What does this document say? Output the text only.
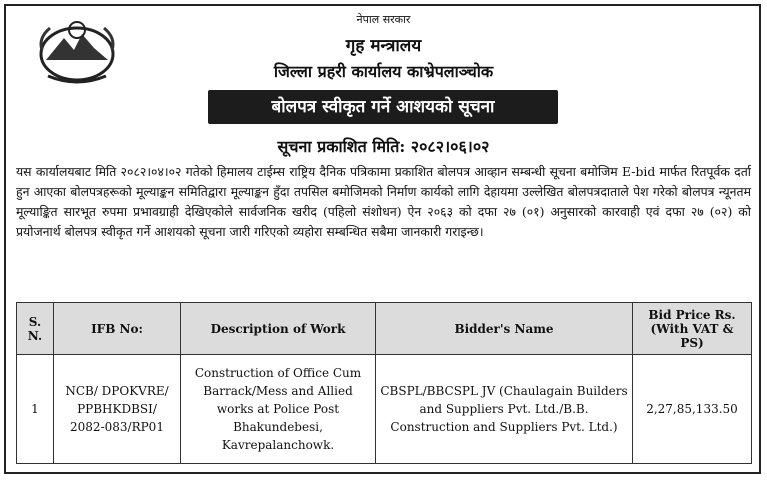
नेपाल सरकार
गृह मन्त्रालय
जिल्ला प्रहरी कार्यालय काभ्रेपलाञ्चोक
बोलपत्र स्वीकृत गर्ने आशयको सूचना
सूचना प्रकाशित मिति: २०८२।०६।०२
यस कार्यालयबाट मिति २०८२।०४।०२ गतेको हिमालय टाईम्स राष्ट्रिय दैनिक पत्रिकामा प्रकाशित बोलपत्र आव्हान सम्बन्धी सूचना बमोजिम E-bid मार्फत रितपूर्वक दर्ता हुन आएका बोलपत्रहरूको मूल्याङ्कन समितिद्वारा मूल्याङ्कन हुँदा तपसिल बमोजिमको निर्माण कार्यको लागि देहायमा उल्लेखित बोलपत्रदाताले पेश गरेको बोलपत्र न्यूनतम मूल्याङ्कित सारभूत रुपमा प्रभावग्राही देखिएकोले सार्वजनिक खरीद (पहिलो संशोधन) ऐन २०६३ को दफा २७ (०१) अनुसारको कारवाही एवं दफा २७ (०२) को प्रयोजनार्थ बोलपत्र स्वीकृत गर्ने आशयको सूचना जारी गरिएको व्यहोरा सम्बन्धित सबैमा जानकारी गराइन्छ।
S. N.	IFB No:	Description of Work	Bidder's Name	Bid Price Rs. (With VAT & PS)
1	NCB/ DPOKVRE/ PPBHKDBSI/ 2082-083/RP01	Construction of Office Cum Barrack/Mess and Allied works at Police Post Bhakundebesi, Kavrepalanchowk.	CBSPL/BBCSPL JV (Chaulagain Builders and Suppliers Pvt. Ltd./B.B. Construction and Suppliers Pvt. Ltd.)	2,27,85,133.50
